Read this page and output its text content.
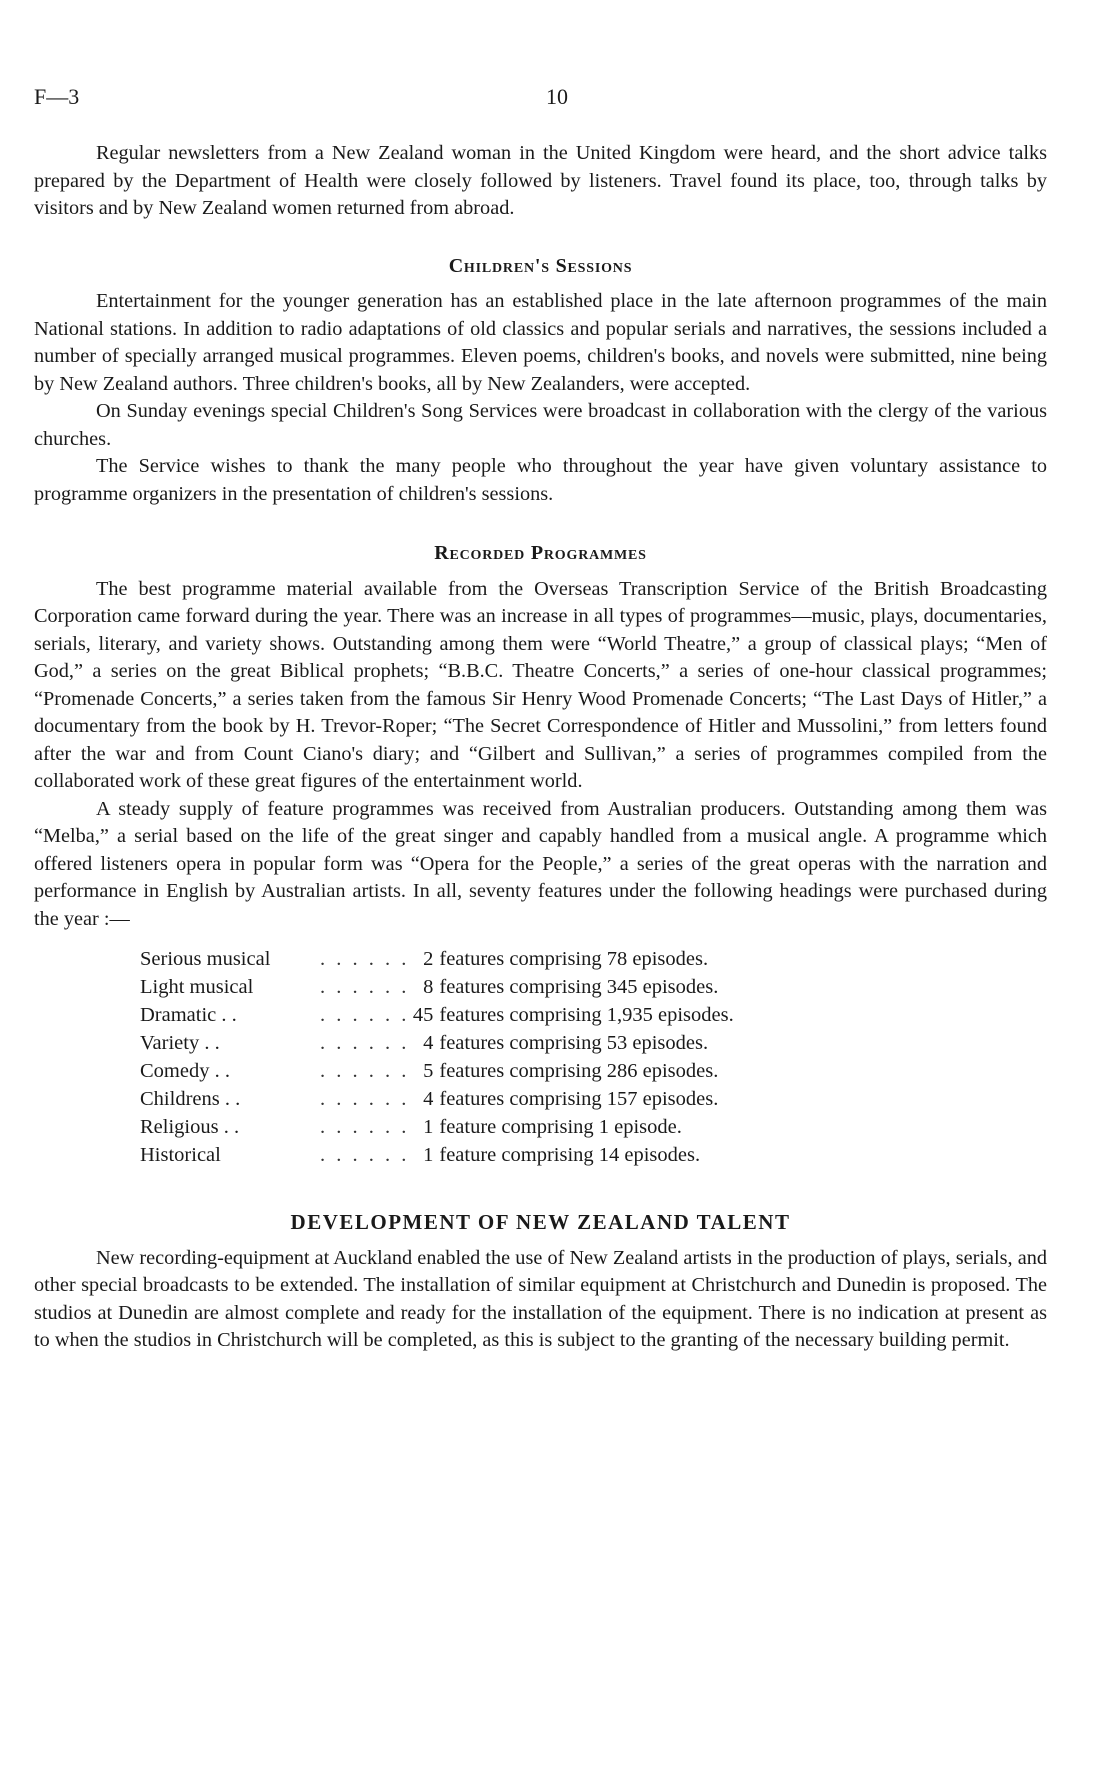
F—3	10

Regular newsletters from a New Zealand woman in the United Kingdom were heard, and the short advice talks prepared by the Department of Health were closely followed by listeners. Travel found its place, too, through talks by visitors and by New Zealand women returned from abroad.

Children's Sessions

Entertainment for the younger generation has an established place in the late afternoon programmes of the main National stations. In addition to radio adaptations of old classics and popular serials and narratives, the sessions included a number of specially arranged musical programmes. Eleven poems, children's books, and novels were submitted, nine being by New Zealand authors. Three children's books, all by New Zealanders, were accepted.

On Sunday evenings special Children's Song Services were broadcast in collaboration with the clergy of the various churches.

The Service wishes to thank the many people who throughout the year have given voluntary assistance to programme organizers in the presentation of children's sessions.

Recorded Programmes

The best programme material available from the Overseas Transcription Service of the British Broadcasting Corporation came forward during the year. There was an increase in all types of programmes—music, plays, documentaries, serials, literary, and variety shows. Outstanding among them were “World Theatre,” a group of classical plays; “Men of God,” a series on the great Biblical prophets; “B.B.C. Theatre Concerts,” a series of one-hour classical programmes; “Promenade Concerts,” a series taken from the famous Sir Henry Wood Promenade Concerts; “The Last Days of Hitler,” a documentary from the book by H. Trevor-Roper; “The Secret Correspondence of Hitler and Mussolini,” from letters found after the war and from Count Ciano's diary; and “Gilbert and Sullivan,” a series of programmes compiled from the collaborated work of these great figures of the entertainment world.

A steady supply of feature programmes was received from Australian producers. Outstanding among them was “Melba,” a serial based on the life of the great singer and capably handled from a musical angle. A programme which offered listeners opera in popular form was “Opera for the People,” a series of the great operas with the narration and performance in English by Australian artists. In all, seventy features under the following headings were purchased during the year :—

Serious musical	. . . . . .	2	features comprising 78 episodes.
Light musical	. . . . . .	8	features comprising 345 episodes.
Dramatic . .	. . . . . .	45	features comprising 1,935 episodes.
Variety . .	. . . . . .	4	features comprising 53 episodes.
Comedy . .	. . . . . .	5	features comprising 286 episodes.
Childrens . .	. . . . . .	4	features comprising 157 episodes.
Religious . .	. . . . . .	1	feature comprising 1 episode.
Historical	. . . . . .	1	feature comprising 14 episodes.
DEVELOPMENT OF NEW ZEALAND TALENT

New recording-equipment at Auckland enabled the use of New Zealand artists in the production of plays, serials, and other special broadcasts to be extended. The installation of similar equipment at Christchurch and Dunedin is proposed. The studios at Dunedin are almost complete and ready for the installation of the equipment. There is no indication at present as to when the studios in Christchurch will be completed, as this is subject to the granting of the necessary building permit.
